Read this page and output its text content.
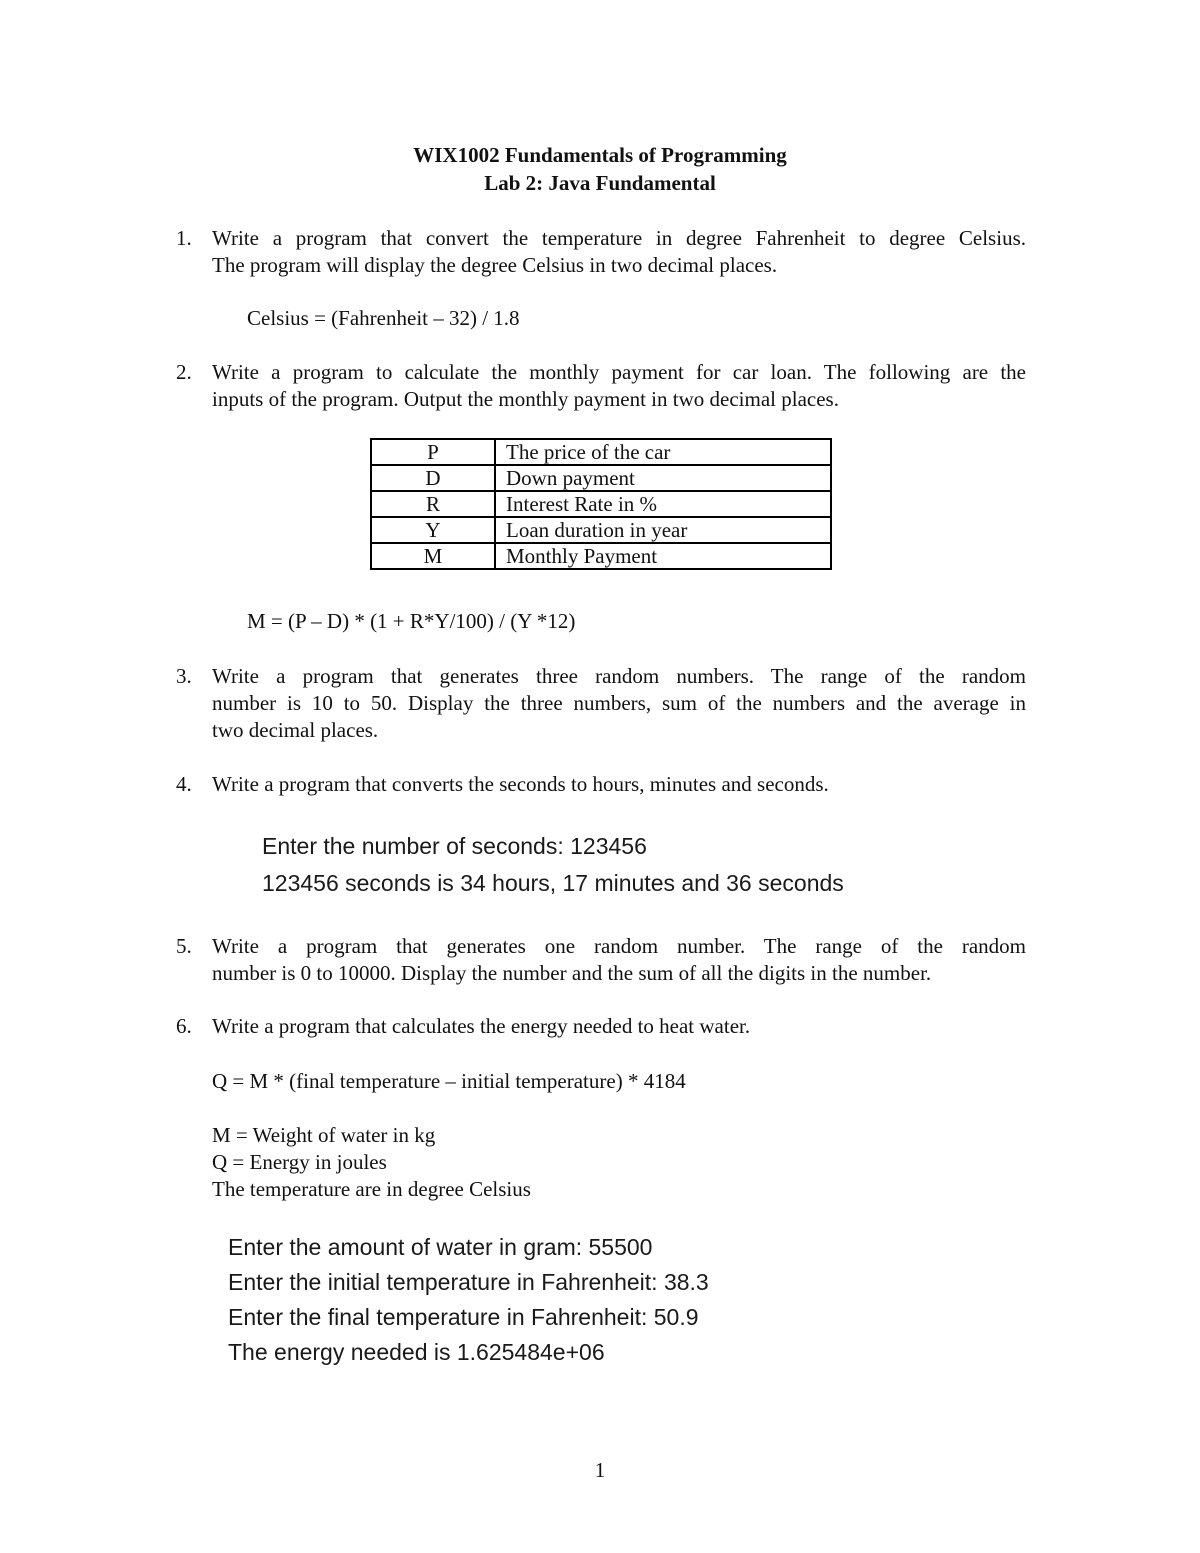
WIX1002 Fundamentals of Programming
Lab 2: Java Fundamental
1. Write a program that convert the temperature in degree Fahrenheit to degree Celsius.
The program will display the degree Celsius in two decimal places.
Celsius = (Fahrenheit – 32) / 1.8
2. Write a program to calculate the monthly payment for car loan. The following are the
inputs of the program. Output the monthly payment in two decimal places.
P	The price of the car
D	Down payment
R	Interest Rate in %
Y	Loan duration in year
M	Monthly Payment
M = (P – D) * (1 + R*Y/100) / (Y *12)
3. Write a program that generates three random numbers. The range of the random
number is 10 to 50. Display the three numbers, sum of the numbers and the average in
two decimal places.
4. Write a program that converts the seconds to hours, minutes and seconds.
Enter the number of seconds: 123456
123456 seconds is 34 hours, 17 minutes and 36 seconds
5. Write a program that generates one random number. The range of the random
number is 0 to 10000. Display the number and the sum of all the digits in the number.
6. Write a program that calculates the energy needed to heat water.
Q = M * (final temperature – initial temperature) * 4184
M = Weight of water in kg
Q = Energy in joules
The temperature are in degree Celsius
Enter the amount of water in gram: 55500
Enter the initial temperature in Fahrenheit: 38.3
Enter the final temperature in Fahrenheit: 50.9
The energy needed is 1.625484e+06
1
